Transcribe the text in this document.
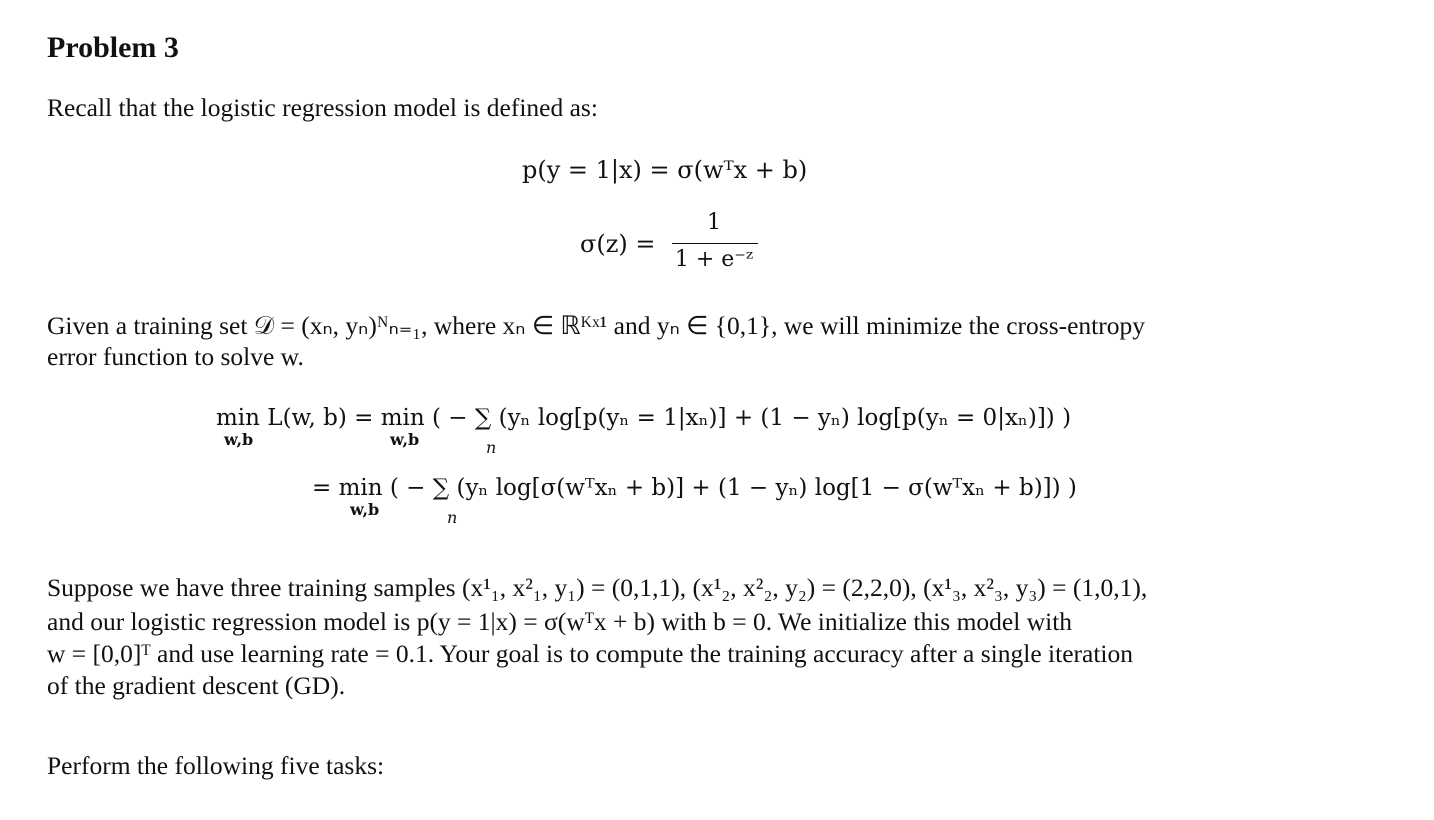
Problem 3
Recall that the logistic regression model is defined as:
p(y = 1|x) = σ(wᵀx + b)
σ(z) =
1
1 + e⁻ᶻ
Given a training set 𝒟 = (xₙ, yₙ)ᴺₙ₌₁, where xₙ ∈ ℝᴷˣ¹ and yₙ ∈ {0,1}, we will minimize the cross-entropy
error function to solve w.
min L(w, b) = min ( − ∑ (yₙ log[p(yₙ = 1|xₙ)] + (1 − yₙ) log[p(yₙ = 0|xₙ)]) )
w,b	w,b	n
= min ( − ∑ (yₙ log[σ(wᵀxₙ + b)] + (1 − yₙ) log[1 − σ(wᵀxₙ + b)]) )
w,b	n
Suppose we have three training samples (x¹₁, x²₁, y₁) = (0,1,1), (x¹₂, x²₂, y₂) = (2,2,0), (x¹₃, x²₃, y₃) = (1,0,1),
and our logistic regression model is p(y = 1|x) = σ(wᵀx + b) with b = 0. We initialize this model with
w = [0,0]ᵀ and use learning rate = 0.1. Your goal is to compute the training accuracy after a single iteration
of the gradient descent (GD).
Perform the following five tasks:
